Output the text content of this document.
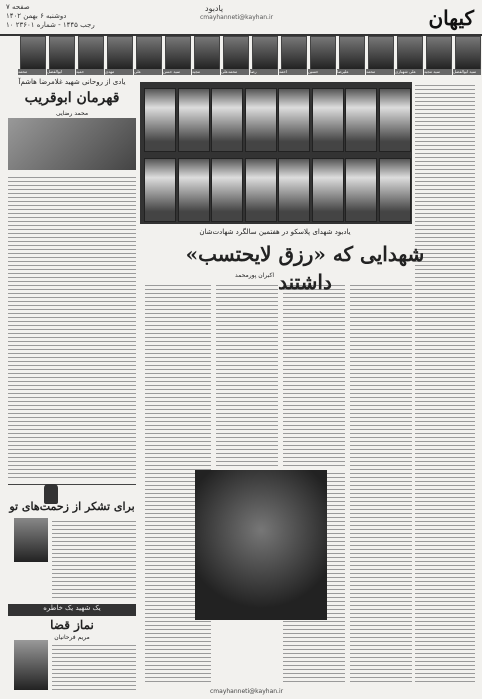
کیهان
صفحه ۷
دوشنبه ۶ بهمن ۱۴۰۲
۱۰ رجب ۱۴۴۵ - شماره ۲۳۶۰۱
یادبود
cmayhanneti@kayhan.ir
سید ابوالفضل
سید مجید
علی شهبازی
محمد
علیرضا
حسین
احمد
رضا
محمدعلی
مجید
سید حسن
علی
مهدی
حمید
ابوالفضل
محمد
یادبود شهدای پلاسکو در هفتمین سالگرد شهادت‌شان
شهدایی که «رزق لایحتسب» داشتند
اکبران پورمحمد
یادی از روحانی شهید غلامرضا هاشم‌آ
قهرمان ابوقریب
محمد رضایی
برای تشکر از زحمت‌های تو
یک شهید یک خاطره
نماز قضا
مریم فرحانیان
cmayhanneti@kayhan.ir
